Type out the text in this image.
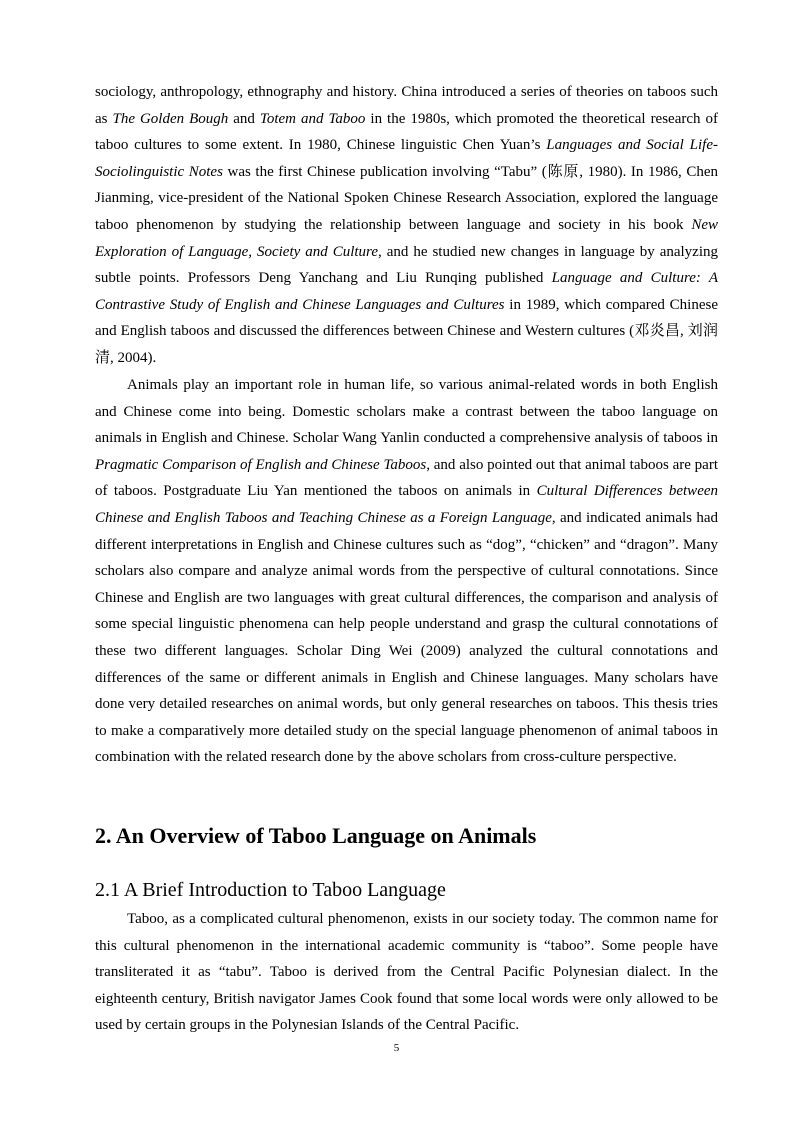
sociology, anthropology, ethnography and history. China introduced a series of theories on taboos such as The Golden Bough and Totem and Taboo in the 1980s, which promoted the theoretical research of taboo cultures to some extent. In 1980, Chinese linguistic Chen Yuan’s Languages and Social Life-Sociolinguistic Notes was the first Chinese publication involving “Tabu” (陈原, 1980). In 1986, Chen Jianming, vice-president of the National Spoken Chinese Research Association, explored the language taboo phenomenon by studying the relationship between language and society in his book New Exploration of Language, Society and Culture, and he studied new changes in language by analyzing subtle points. Professors Deng Yanchang and Liu Runqing published Language and Culture: A Contrastive Study of English and Chinese Languages and Cultures in 1989, which compared Chinese and English taboos and discussed the differences between Chinese and Western cultures (邓炎昌, 刘润清, 2004).

Animals play an important role in human life, so various animal-related words in both English and Chinese come into being. Domestic scholars make a contrast between the taboo language on animals in English and Chinese. Scholar Wang Yanlin conducted a comprehensive analysis of taboos in Pragmatic Comparison of English and Chinese Taboos, and also pointed out that animal taboos are part of taboos. Postgraduate Liu Yan mentioned the taboos on animals in Cultural Differences between Chinese and English Taboos and Teaching Chinese as a Foreign Language, and indicated animals had different interpretations in English and Chinese cultures such as “dog”, “chicken” and “dragon”. Many scholars also compare and analyze animal words from the perspective of cultural connotations. Since Chinese and English are two languages with great cultural differences, the comparison and analysis of some special linguistic phenomena can help people understand and grasp the cultural connotations of these two different languages. Scholar Ding Wei (2009) analyzed the cultural connotations and differences of the same or different animals in English and Chinese languages. Many scholars have done very detailed researches on animal words, but only general researches on taboos. This thesis tries to make a comparatively more detailed study on the special language phenomenon of animal taboos in combination with the related research done by the above scholars from cross-culture perspective.

2. An Overview of Taboo Language on Animals
2.1 A Brief Introduction to Taboo Language

Taboo, as a complicated cultural phenomenon, exists in our society today. The common name for this cultural phenomenon in the international academic community is “taboo”. Some people have transliterated it as “tabu”. Taboo is derived from the Central Pacific Polynesian dialect. In the eighteenth century, British navigator James Cook found that some local words were only allowed to be used by certain groups in the Polynesian Islands of the Central Pacific.

5
